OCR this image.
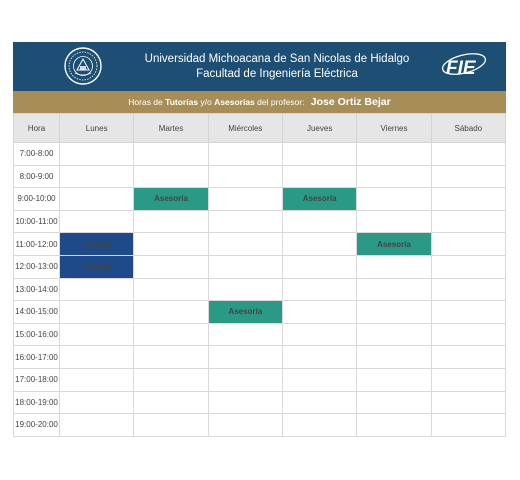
Universidad Michoacana de San Nicolas de Hidalgo
Facultad de Ingeniería Eléctrica	FIE
Horas de Tutorías y/o Asesorías del profesor: Jose Ortiz Bejar
Hora	Lunes	Martes	Miércoles	Jueves	Viernes	Sábado
7:00-8:00						
8:00-9:00						
9:00-10:00		Asesoría		Asesoría		
10:00-11:00						
11:00-12:00	Tutorías				Asesoría	
12:00-13:00	Tutorías					
13:00-14:00						
14:00-15:00			Asesoría			
15:00-16:00						
16:00-17:00						
17:00-18:00						
18:00-19:00						
19:00-20:00						
